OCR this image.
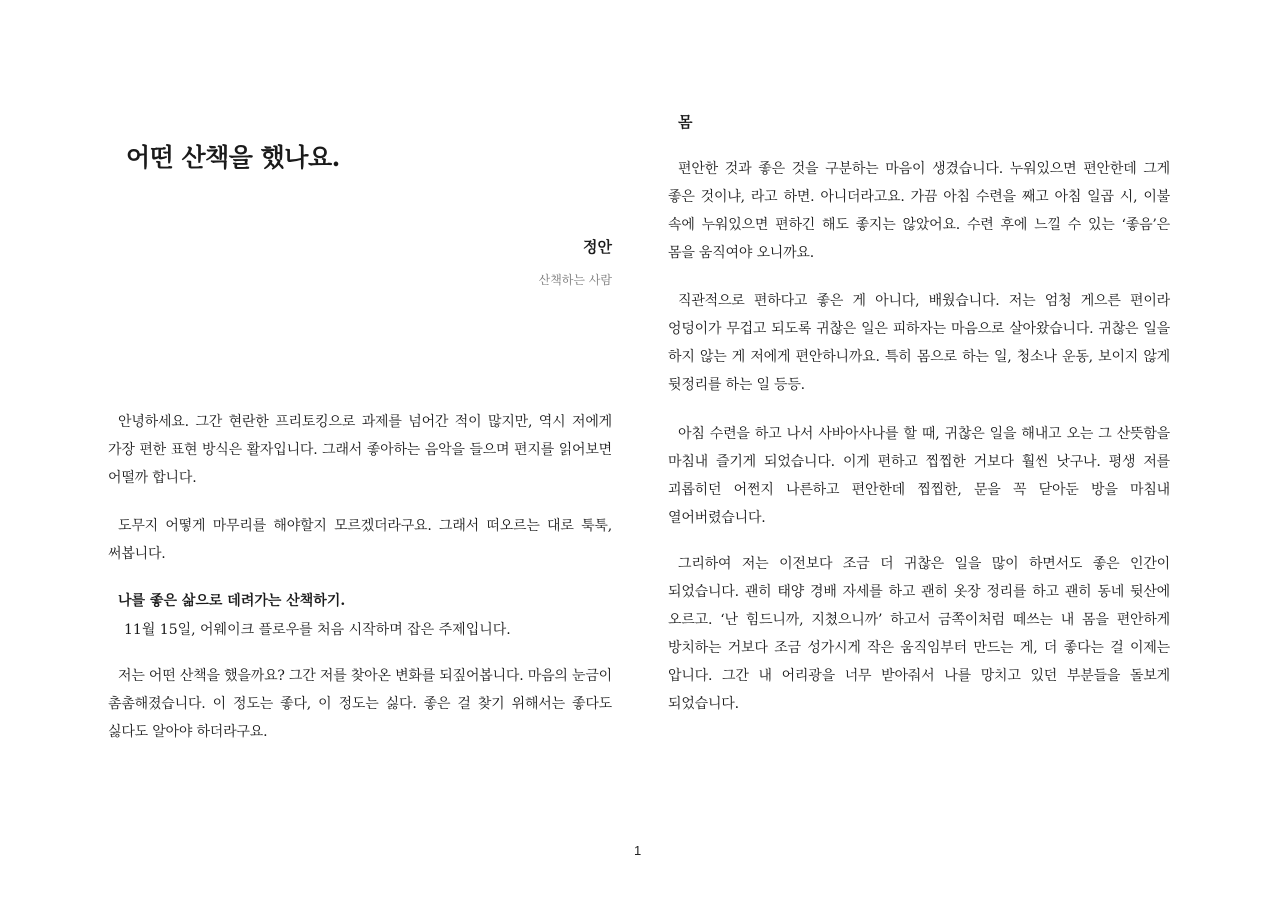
어떤 산책을 했나요.

정안

산책하는 사람

안녕하세요. 그간 현란한 프리토킹으로 과제를 넘어간 적이 많지만, 역시 저에게 가장 편한 표현 방식은 활자입니다. 그래서 좋아하는 음악을 들으며 편지를 읽어보면 어떨까 합니다.

도무지 어떻게 마무리를 해야할지 모르겠더라구요. 그래서 떠오르는 대로 툭툭, 써봅니다.

나를 좋은 삶으로 데려가는 산책하기.

11월 15일, 어웨이크 플로우를 처음 시작하며 잡은 주제입니다.

저는 어떤 산책을 했을까요? 그간 저를 찾아온 변화를 되짚어봅니다. 마음의 눈금이 촘촘해졌습니다. 이 정도는 좋다, 이 정도는 싫다. 좋은 걸 찾기 위해서는 좋다도 싫다도 알아야 하더라구요.

몸

편안한 것과 좋은 것을 구분하는 마음이 생겼습니다. 누워있으면 편안한데 그게 좋은 것이냐, 라고 하면. 아니더라고요. 가끔 아침 수련을 째고 아침 일곱 시, 이불 속에 누워있으면 편하긴 해도 좋지는 않았어요. 수련 후에 느낄 수 있는 ‘좋음’은 몸을 움직여야 오니까요.

직관적으로 편하다고 좋은 게 아니다, 배웠습니다. 저는 엄청 게으른 편이라 엉덩이가 무겁고 되도록 귀찮은 일은 피하자는 마음으로 살아왔습니다. 귀찮은 일을 하지 않는 게 저에게 편안하니까요. 특히 몸으로 하는 일, 청소나 운동, 보이지 않게 뒷정리를 하는 일 등등.

아침 수련을 하고 나서 사바아사나를 할 때, 귀찮은 일을 해내고 오는 그 산뜻함을 마침내 즐기게 되었습니다. 이게 편하고 찝찝한 거보다 훨씬 낫구나. 평생 저를 괴롭히던 어쩐지 나른하고 편안한데 찝찝한, 문을 꼭 닫아둔 방을 마침내 열어버렸습니다.

그리하여 저는 이전보다 조금 더 귀찮은 일을 많이 하면서도 좋은 인간이 되었습니다. 괜히 태양 경배 자세를 하고 괜히 옷장 정리를 하고 괜히 동네 뒷산에 오르고. ‘난 힘드니까, 지쳤으니까’ 하고서 금쪽이처럼 떼쓰는 내 몸을 편안하게 방치하는 거보다 조금 성가시게 작은 움직임부터 만드는 게, 더 좋다는 걸 이제는 압니다. 그간 내 어리광을 너무 받아줘서 나를 망치고 있던 부분들을 돌보게 되었습니다.

1
